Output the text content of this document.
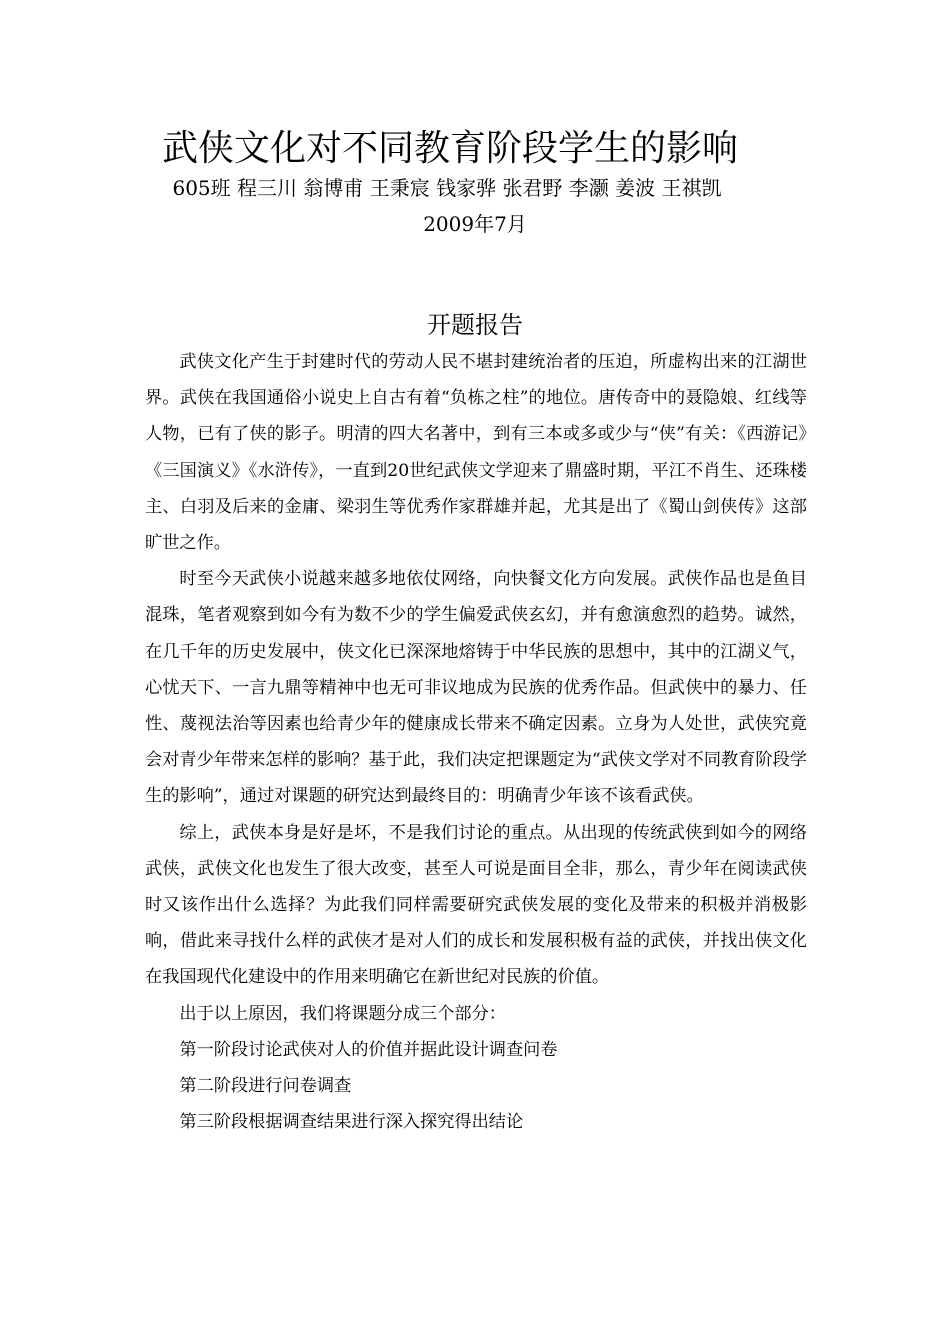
武侠文化对不同教育阶段学生的影响
605班 程三川 翁博甫 王秉宸 钱家骅 张君野 李灏 姜波 王祺凯
2009年7月
开题报告

武侠文化产生于封建时代的劳动人民不堪封建统治者的压迫，所虚构出来的江湖世界。武侠在我国通俗小说史上自古有着“负栋之柱”的地位。唐传奇中的聂隐娘、红线等人物，已有了侠的影子。明清的四大名著中，到有三本或多或少与“侠”有关：《西游记》《三国演义》《水浒传》，一直到20世纪武侠文学迎来了鼎盛时期，平江不肖生、还珠楼主、白羽及后来的金庸、梁羽生等优秀作家群雄并起，尤其是出了《蜀山剑侠传》这部旷世之作。

时至今天武侠小说越来越多地依仗网络，向快餐文化方向发展。武侠作品也是鱼目混珠，笔者观察到如今有为数不少的学生偏爱武侠玄幻，并有愈演愈烈的趋势。诚然，在几千年的历史发展中，侠文化已深深地熔铸于中华民族的思想中，其中的江湖义气，心忧天下、一言九鼎等精神中也无可非议地成为民族的优秀作品。但武侠中的暴力、任性、蔑视法治等因素也给青少年的健康成长带来不确定因素。立身为人处世，武侠究竟会对青少年带来怎样的影响？基于此，我们决定把课题定为“武侠文学对不同教育阶段学生的影响”，通过对课题的研究达到最终目的：明确青少年该不该看武侠。

综上，武侠本身是好是坏，不是我们讨论的重点。从出现的传统武侠到如今的网络武侠，武侠文化也发生了很大改变，甚至人可说是面目全非，那么，青少年在阅读武侠时又该作出什么选择？为此我们同样需要研究武侠发展的变化及带来的积极并消极影响，借此来寻找什么样的武侠才是对人们的成长和发展积极有益的武侠，并找出侠文化在我国现代化建设中的作用来明确它在新世纪对民族的价值。

出于以上原因，我们将课题分成三个部分：

第一阶段讨论武侠对人的价值并据此设计调查问卷

第二阶段进行问卷调查

第三阶段根据调查结果进行深入探究得出结论
